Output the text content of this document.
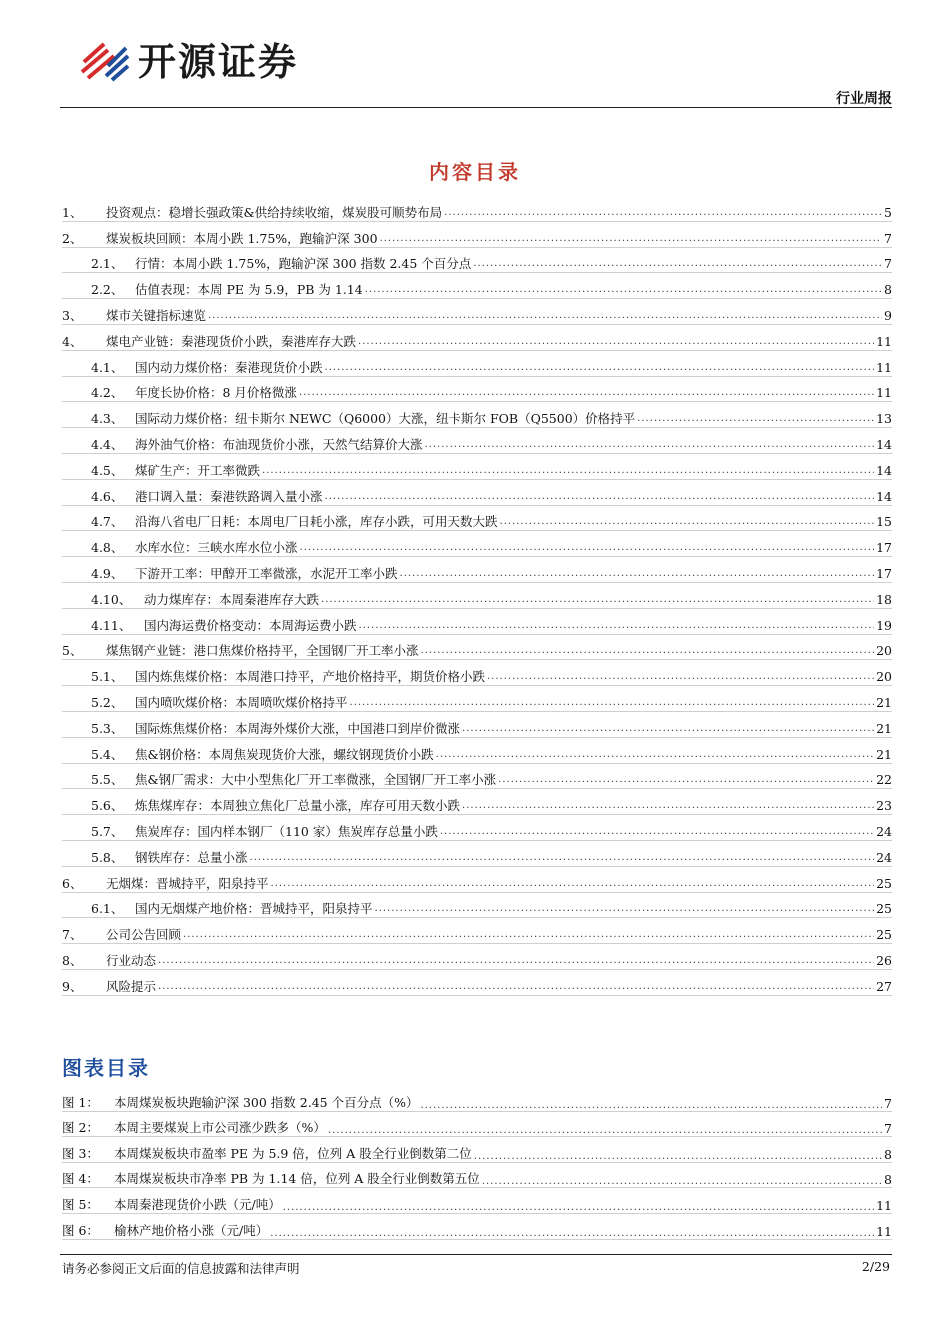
开源证券
行业周报
内容目录
1、	投资观点：稳增长强政策&供给持续收缩，煤炭股可顺势布局 .....	5
2、	煤炭板块回顾：本周小跌 1.75%，跑输沪深 300 .....	7
2.1、 行情：本周小跌 1.75%，跑输沪深 300 指数 2.45 个百分点 .....	7
2.2、 估值表现：本周 PE 为 5.9，PB 为 1.14 .....	8
3、	煤市关键指标速览 .....	9
4、	煤电产业链：秦港现货价小跌，秦港库存大跌 .....	11
4.1、 国内动力煤价格：秦港现货价小跌 .....	11
4.2、 年度长协价格：8 月价格微涨 .....	11
4.3、 国际动力煤价格：纽卡斯尔 NEWC（Q6000）大涨，纽卡斯尔 FOB（Q5500）价格持平 .....	13
4.4、 海外油气价格：布油现货价小涨，天然气结算价大涨 .....	14
4.5、 煤矿生产：开工率微跌 .....	14
4.6、 港口调入量：秦港铁路调入量小涨 .....	14
4.7、 沿海八省电厂日耗：本周电厂日耗小涨，库存小跌，可用天数大跌 .....	15
4.8、 水库水位：三峡水库水位小涨 .....	17
4.9、 下游开工率：甲醇开工率微涨，水泥开工率小跌 .....	17
4.10、	动力煤库存：本周秦港库存大跌 .....	18
4.11、	国内海运费价格变动：本周海运费小跌 .....	19
5、	煤焦钢产业链：港口焦煤价格持平，全国钢厂开工率小涨 .....	20
5.1、 国内炼焦煤价格：本周港口持平，产地价格持平，期货价格小跌 .....	20
5.2、 国内喷吹煤价格：本周喷吹煤价格持平 .....	21
5.3、 国际炼焦煤价格：本周海外煤价大涨，中国港口到岸价微涨 .....	21
5.4、 焦&钢价格：本周焦炭现货价大涨，螺纹钢现货价小跌 .....	21
5.5、 焦&钢厂需求：大中小型焦化厂开工率微涨，全国钢厂开工率小涨 .....	22
5.6、 炼焦煤库存：本周独立焦化厂总量小涨，库存可用天数小跌 .....	23
5.7、 焦炭库存：国内样本钢厂（110 家）焦炭库存总量小跌 .....	24
5.8、 钢铁库存：总量小涨 .....	24
6、	无烟煤：晋城持平，阳泉持平 .....	25
6.1、 国内无烟煤产地价格：晋城持平，阳泉持平 .....	25
7、	公司公告回顾 .....	25
8、	行业动态 .....	26
9、	风险提示 .....	27
图表目录
图 1：	本周煤炭板块跑输沪深 300 指数 2.45 个百分点（%） .....	7
图 2：	本周主要煤炭上市公司涨少跌多（%） .....	7
图 3：	本周煤炭板块市盈率 PE 为 5.9 倍，位列 A 股全行业倒数第二位 .....	8
图 4：	本周煤炭板块市净率 PB 为 1.14 倍，位列 A 股全行业倒数第五位 .....	8
图 5：	本周秦港现货价小跌（元/吨） .....	11
图 6：	榆林产地价格小涨（元/吨） .....	11
请务必参阅正文后面的信息披露和法律声明	2/29
